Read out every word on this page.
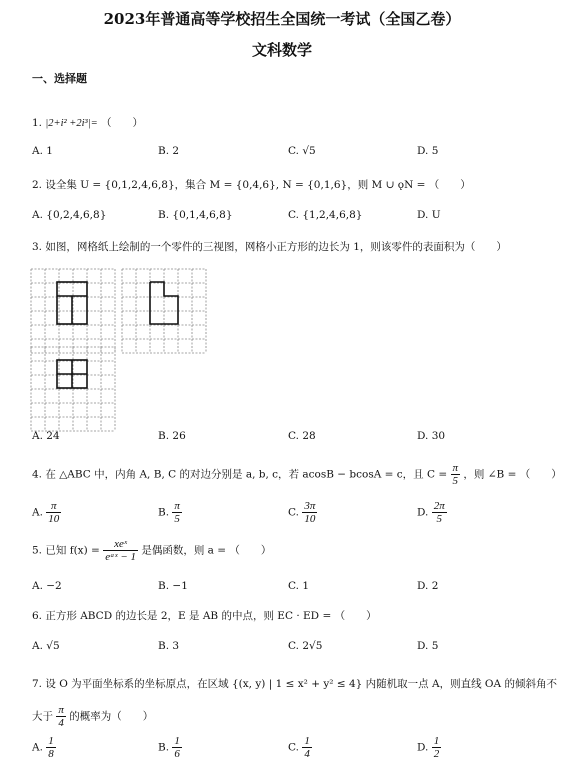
2023年普通高等学校招生全国统一考试（全国乙卷）
文科数学
一、选择题
1. |2+i² +2i³|= （　　）
A. 1	B. 2	C. √5	D. 5
2. 设全集 U = {0,1,2,4,6,8}，集合 M = {0,4,6}, N = {0,1,6}，则 M ∪ ǫN = （　　）
A. {0,2,4,6,8}	B. {0,1,4,6,8}	C. {1,2,4,6,8}	D. U
3. 如图，网格纸上绘制的一个零件的三视图，网格小正方形的边长为 1，则该零件的表面积为（　　）
A. 24	B. 26	C. 28	D. 30
4. 在 △ABC 中，内角 A, B, C 的对边分别是 a, b, c，若 acosB − bcosA = c，且 $C = \frac{\pi}{5}$ ，则 ∠B = （　　）
A. $\frac{\pi}{10}$	B. $\frac{\pi}{5}$	C. $\frac{3\pi}{10}$	D. $\frac{2\pi}{5}$
5. 已知 $f(x) = \frac{\text{xeˣ}}{\text{eᵃˣ − 1}}$ 是偶函数，则 a = （　　）
A. −2	B. −1	C. 1	D. 2
6. 正方形 ABCD 的边长是 2，E 是 AB 的中点，则 EC · ED = （　　）
A. √5	B. 3	C. 2√5	D. 5
7. 设 O 为平面坐标系的坐标原点，在区域 {(x, y) | 1 ≤ x² + y² ≤ 4} 内随机取一点 A，则直线 OA 的倾斜角不
大于 $\frac{\pi}{4}$ 的概率为（　　）
A. $\frac{1}{8}$	B. $\frac{1}{6}$	C. $\frac{1}{4}$	D. $\frac{1}{2}$
